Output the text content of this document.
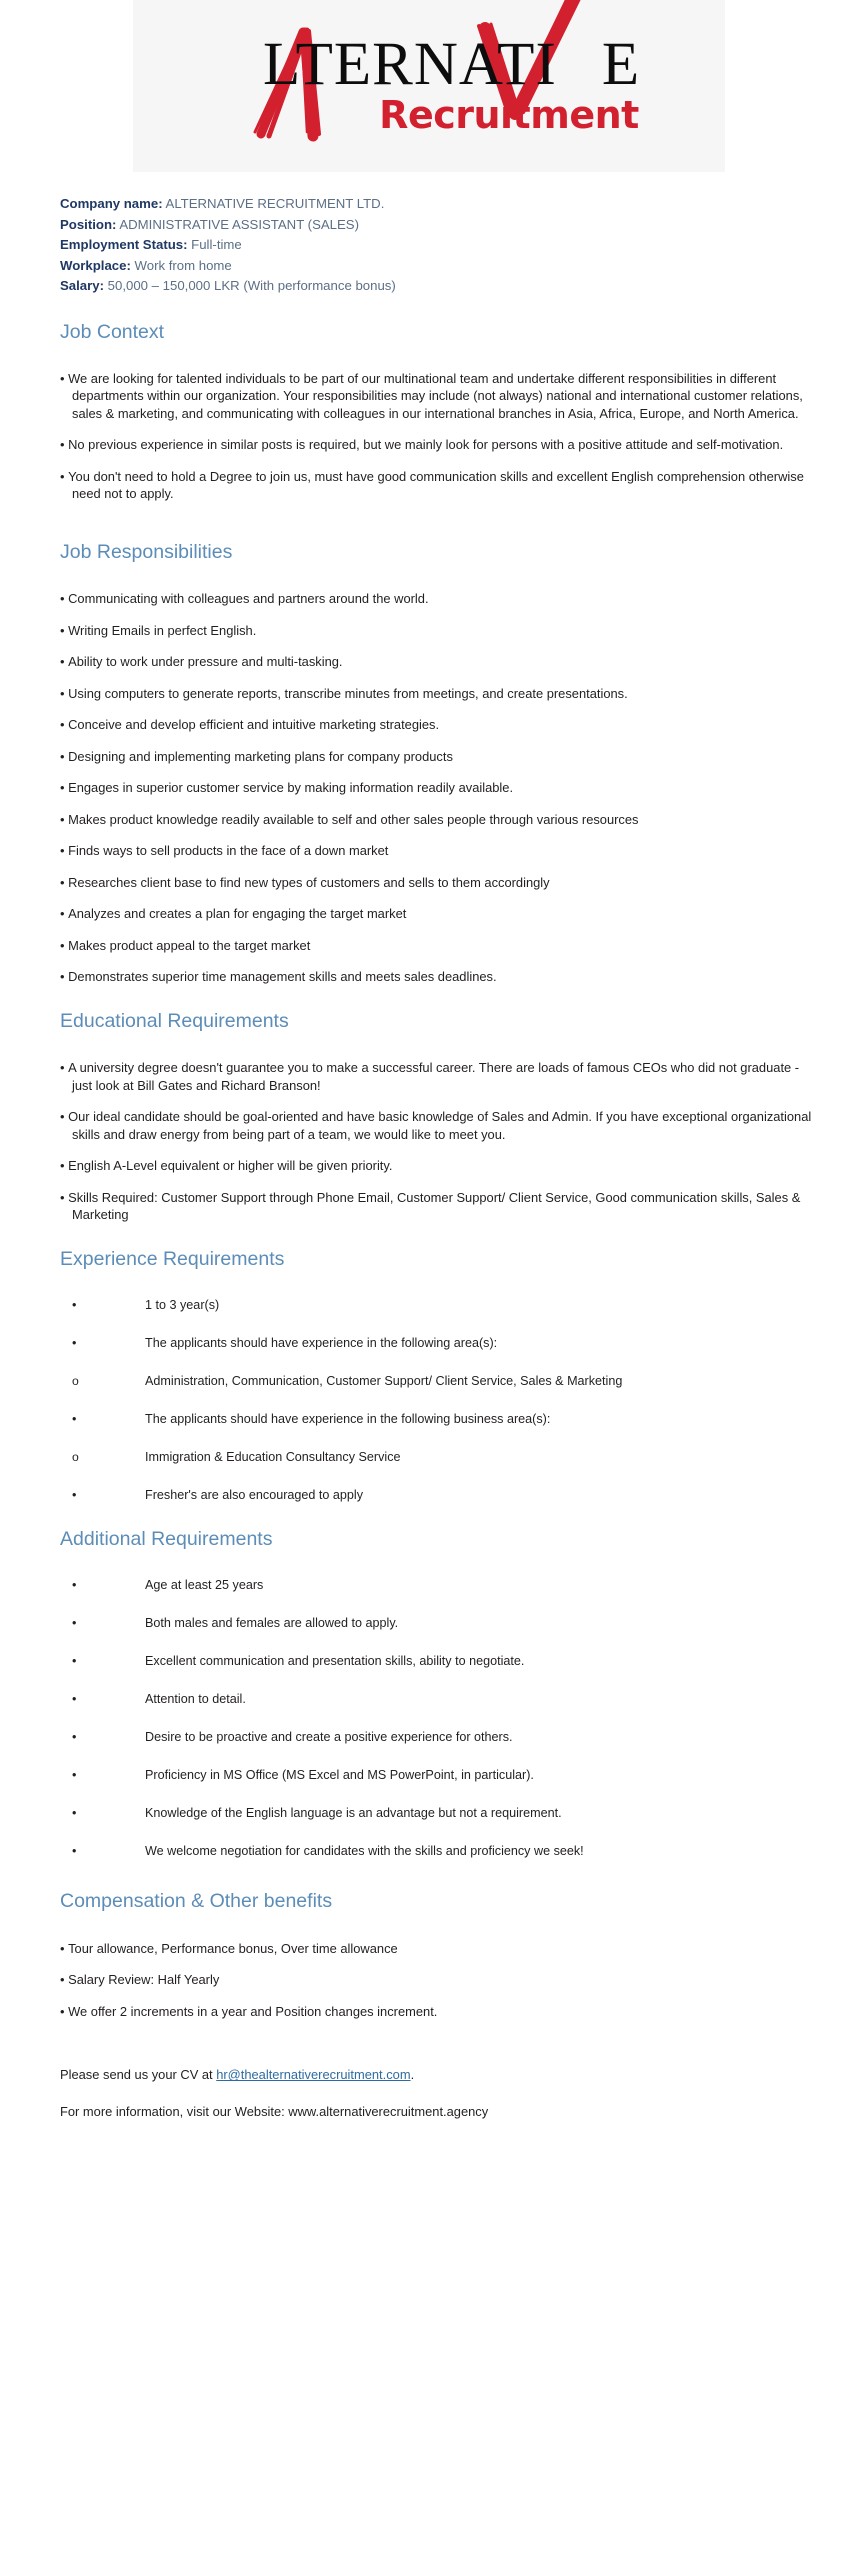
LTERNATI E
Recruitment
Company name: ALTERNATIVE RECRUITMENT LTD.
Position: ADMINISTRATIVE ASSISTANT (SALES)
Employment Status: Full-time
Workplace: Work from home
Salary: 50,000 – 150,000 LKR (With performance bonus)
Job Context
• We are looking for talented individuals to be part of our multinational team and undertake different responsibilities in different departments within our organization. Your responsibilities may include (not always) national and international customer relations, sales & marketing, and communicating with colleagues in our international branches in Asia, Africa, Europe, and North America.
• No previous experience in similar posts is required, but we mainly look for persons with a positive attitude and self-motivation.
• You don't need to hold a Degree to join us, must have good communication skills and excellent English comprehension otherwise need not to apply.
Job Responsibilities
• Communicating with colleagues and partners around the world.
• Writing Emails in perfect English.
• Ability to work under pressure and multi-tasking.
• Using computers to generate reports, transcribe minutes from meetings, and create presentations.
• Conceive and develop efficient and intuitive marketing strategies.
• Designing and implementing marketing plans for company products
• Engages in superior customer service by making information readily available.
• Makes product knowledge readily available to self and other sales people through various resources
• Finds ways to sell products in the face of a down market
• Researches client base to find new types of customers and sells to them accordingly
• Analyzes and creates a plan for engaging the target market
• Makes product appeal to the target market
• Demonstrates superior time management skills and meets sales deadlines.
Educational Requirements
• A university degree doesn't guarantee you to make a successful career. There are loads of famous CEOs who did not graduate - just look at Bill Gates and Richard Branson!
• Our ideal candidate should be goal-oriented and have basic knowledge of Sales and Admin. If you have exceptional organizational skills and draw energy from being part of a team, we would like to meet you.
• English A-Level equivalent or higher will be given priority.
• Skills Required: Customer Support through Phone Email, Customer Support/ Client Service, Good communication skills, Sales & Marketing
Experience Requirements
•	1 to 3 year(s)
•	The applicants should have experience in the following area(s):
o	Administration, Communication, Customer Support/ Client Service, Sales & Marketing
•	The applicants should have experience in the following business area(s):
o	Immigration & Education Consultancy Service
•	Fresher's are also encouraged to apply
Additional Requirements
•	Age at least 25 years
•	Both males and females are allowed to apply.
•	Excellent communication and presentation skills, ability to negotiate.
•	Attention to detail.
•	Desire to be proactive and create a positive experience for others.
•	Proficiency in MS Office (MS Excel and MS PowerPoint, in particular).
•	Knowledge of the English language is an advantage but not a requirement.
•	We welcome negotiation for candidates with the skills and proficiency we seek!
Compensation & Other benefits
• Tour allowance, Performance bonus, Over time allowance
• Salary Review: Half Yearly
• We offer 2 increments in a year and Position changes increment.

Please send us your CV at hr@thealternativerecruitment.com.

For more information, visit our Website: www.alternativerecruitment.agency
